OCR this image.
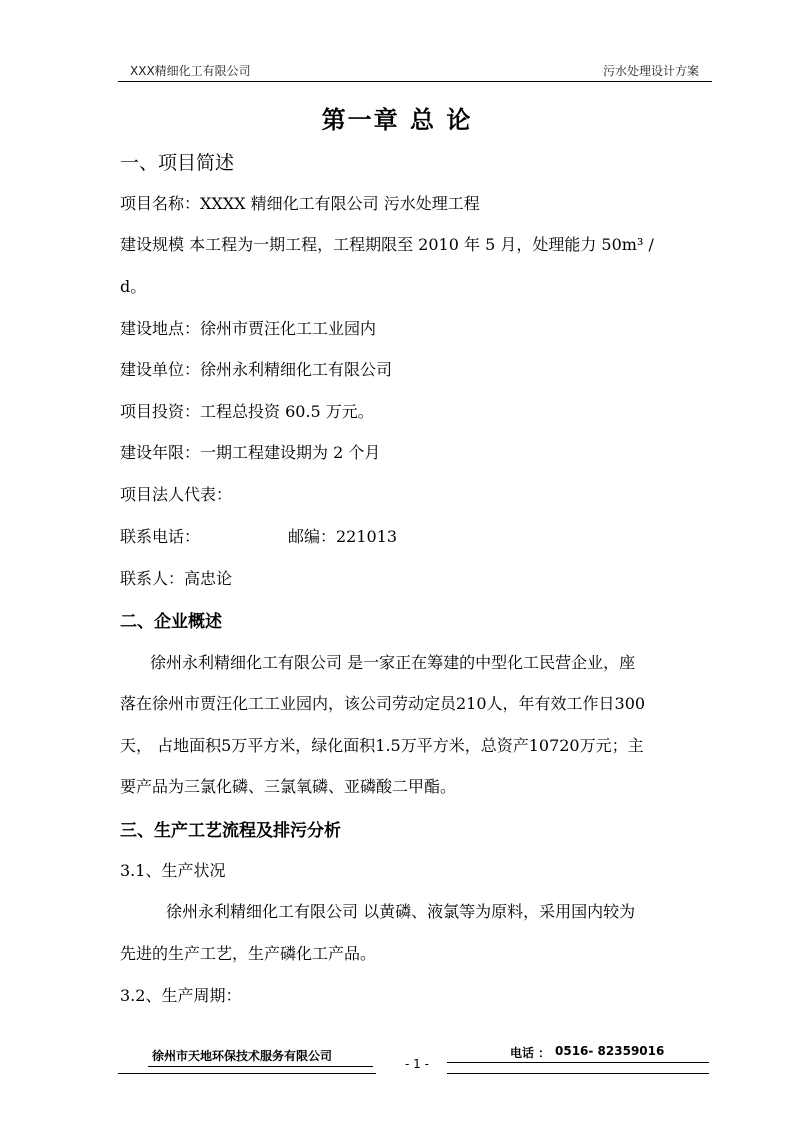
XXX精细化工有限公司	污水处理设计方案
第一章 总 论
一、项目简述
项目名称：XXXX 精细化工有限公司 污水处理工程
建设规模 本工程为一期工程，工程期限至 2010 年 5 月，处理能力 50m³ /
d。
建设地点：徐州市贾汪化工工业园内
建设单位：徐州永利精细化工有限公司
项目投资：工程总投资 60.5 万元。
建设年限：一期工程建设期为 2 个月
项目法人代表：
联系电话：	邮编：221013
联系人：高忠论
二、企业概述
徐州永利精细化工有限公司 是一家正在筹建的中型化工民营企业，座
落在徐州市贾汪化工工业园内，该公司劳动定员210人，年有效工作日300
天， 占地面积5万平方米，绿化面积1.5万平方米，总资产10720万元；主
要产品为三氯化磷、三氯氧磷、亚磷酸二甲酯。
三、生产工艺流程及排污分析
3.1、生产状况
徐州永利精细化工有限公司 以黄磷、液氯等为原料，采用国内较为
先进的生产工艺，生产磷化工产品。
3.2、生产周期：
徐州市天地环保技术服务有限公司	电话 ： 0516- 82359016
- 1 -
